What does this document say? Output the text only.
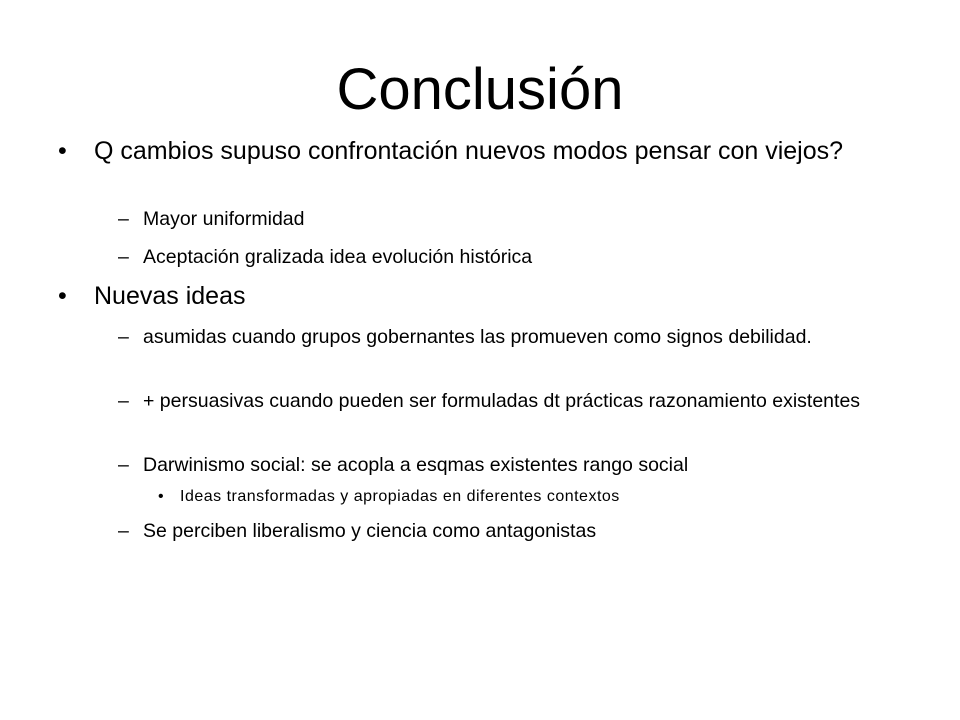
Conclusión
•	Q cambios supuso confrontación nuevos modos pensar con viejos?
– Mayor uniformidad
– Aceptación gralizada idea evolución histórica
•	Nuevas ideas
– asumidas cuando grupos gobernantes las promueven como signos debilidad.
– + persuasivas cuando pueden ser formuladas dt prácticas razonamiento existentes
– Darwinismo social: se acopla a esqmas existentes rango social
• Ideas transformadas y apropiadas en diferentes contextos
– Se perciben liberalismo y ciencia como antagonistas
